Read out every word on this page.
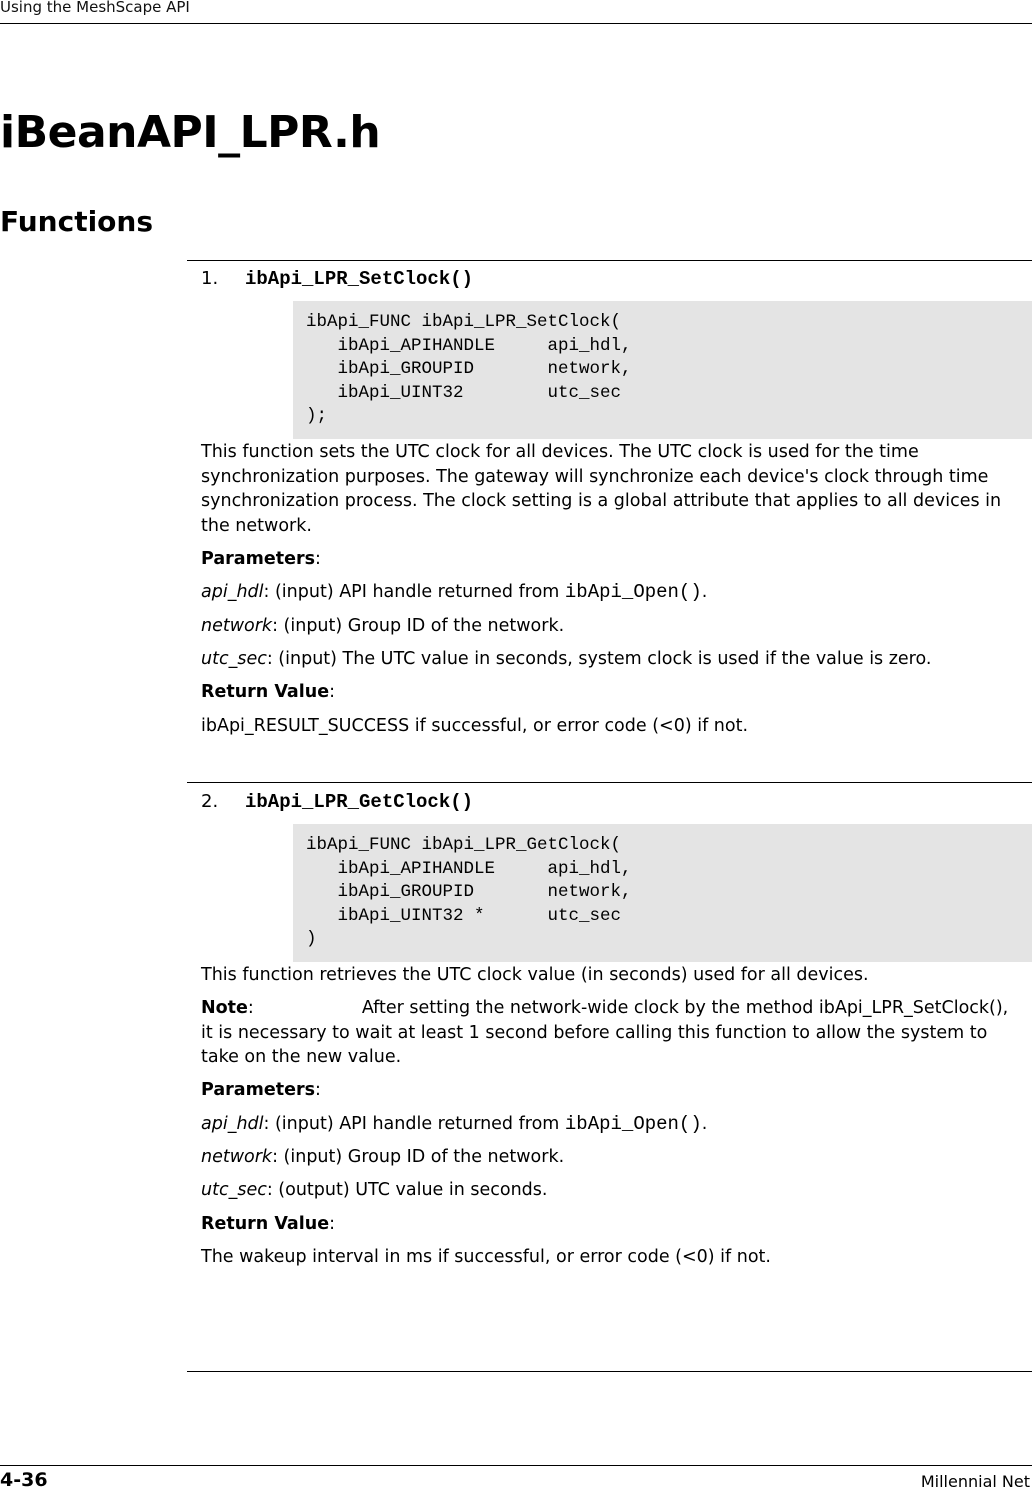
Using the MeshScape API
iBeanAPI_LPR.h
Functions
1. ibApi_LPR_SetClock()
ibApi_FUNC ibApi_LPR_SetClock(
ibApi_APIHANDLE     api_hdl,
ibApi_GROUPID       network,
ibApi_UINT32        utc_sec
);
This function sets the UTC clock for all devices. The UTC clock is used for the time synchronization purposes. The gateway will synchronize each device's clock through time synchronization process. The clock setting is a global attribute that applies to all devices in the network.
Parameters:
api_hdl: (input) API handle returned from ibApi_Open().
network: (input) Group ID of the network.
utc_sec: (input) The UTC value in seconds, system clock is used if the value is zero.
Return Value:
ibApi_RESULT_SUCCESS if successful, or error code (<0) if not.
2. ibApi_LPR_GetClock()
ibApi_FUNC ibApi_LPR_GetClock(
ibApi_APIHANDLE     api_hdl,
ibApi_GROUPID       network,
ibApi_UINT32 *      utc_sec
)
This function retrieves the UTC clock value (in seconds) used for all devices.
Note:	After setting the network-wide clock by the method ibApi_LPR_SetClock(), it is necessary to wait at least 1 second before calling this function to allow the system to take on the new value.
Parameters:
api_hdl: (input) API handle returned from ibApi_Open().
network: (input) Group ID of the network.
utc_sec: (output) UTC value in seconds.
Return Value:
The wakeup interval in ms if successful, or error code (<0) if not.
4-36	Millennial Net
